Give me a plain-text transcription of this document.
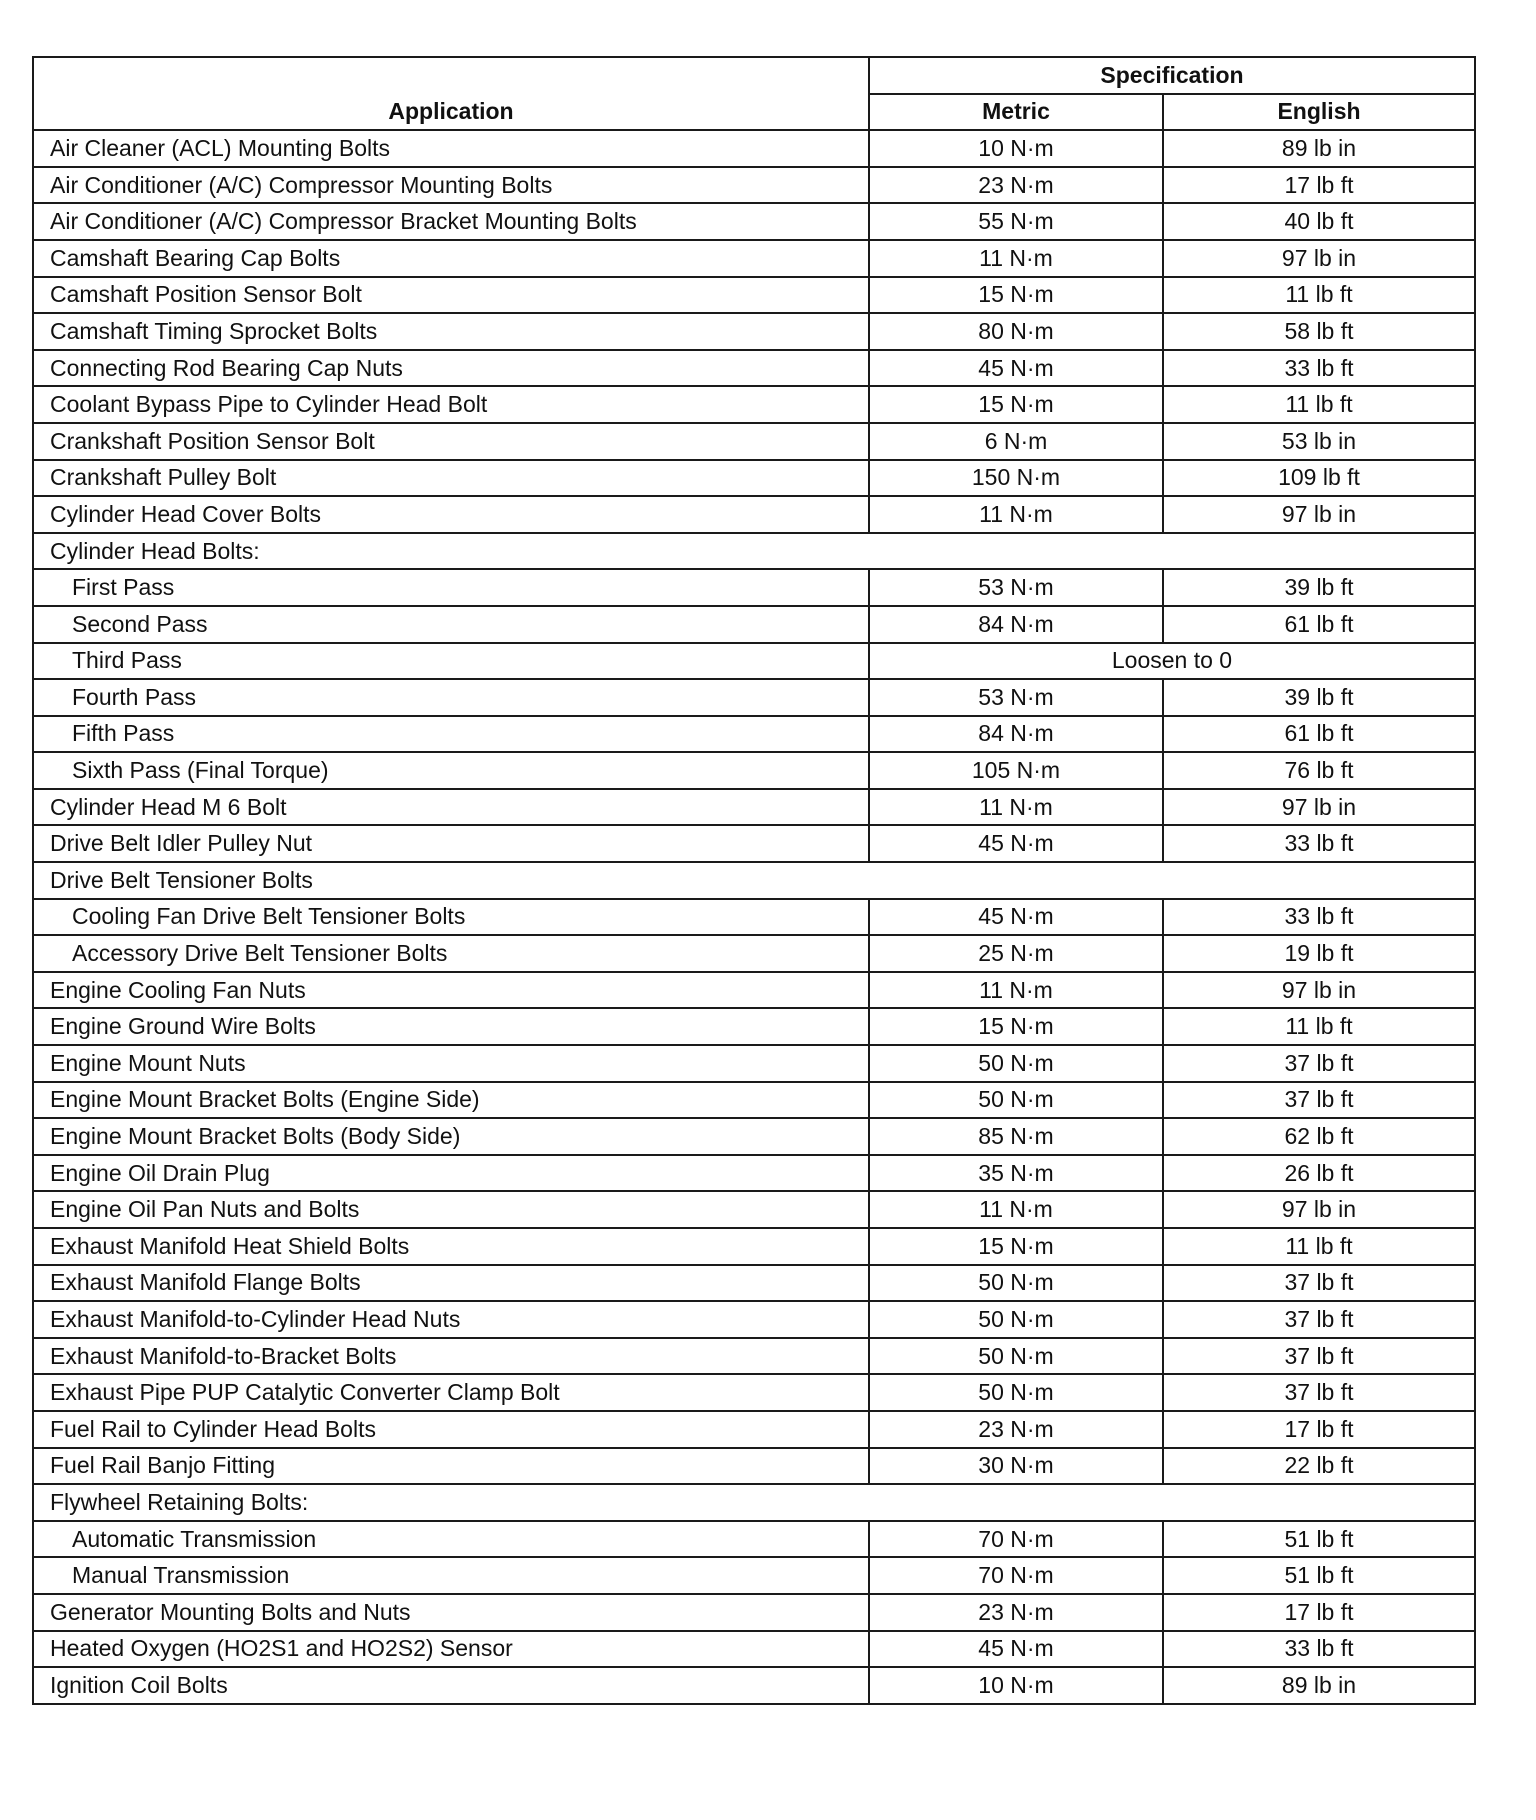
Application	Specification	
	Metric	English
Air Cleaner (ACL) Mounting Bolts	10 N·m	89 lb in
Air Conditioner (A/C) Compressor Mounting Bolts	23 N·m	17 lb ft
Air Conditioner (A/C) Compressor Bracket Mounting Bolts	55 N·m	40 lb ft
Camshaft Bearing Cap Bolts	11 N·m	97 lb in
Camshaft Position Sensor Bolt	15 N·m	11 lb ft
Camshaft Timing Sprocket Bolts	80 N·m	58 lb ft
Connecting Rod Bearing Cap Nuts	45 N·m	33 lb ft
Coolant Bypass Pipe to Cylinder Head Bolt	15 N·m	11 lb ft
Crankshaft Position Sensor Bolt	6 N·m	53 lb in
Crankshaft Pulley Bolt	150 N·m	109 lb ft
Cylinder Head Cover Bolts	11 N·m	97 lb in
Cylinder Head Bolts:		
First Pass	53 N·m	39 lb ft
Second Pass	84 N·m	61 lb ft
Third Pass	Loosen to 0	
Fourth Pass	53 N·m	39 lb ft
Fifth Pass	84 N·m	61 lb ft
Sixth Pass (Final Torque)	105 N·m	76 lb ft
Cylinder Head M 6 Bolt	11 N·m	97 lb in
Drive Belt Idler Pulley Nut	45 N·m	33 lb ft
Drive Belt Tensioner Bolts		
Cooling Fan Drive Belt Tensioner Bolts	45 N·m	33 lb ft
Accessory Drive Belt Tensioner Bolts	25 N·m	19 lb ft
Engine Cooling Fan Nuts	11 N·m	97 lb in
Engine Ground Wire Bolts	15 N·m	11 lb ft
Engine Mount Nuts	50 N·m	37 lb ft
Engine Mount Bracket Bolts (Engine Side)	50 N·m	37 lb ft
Engine Mount Bracket Bolts (Body Side)	85 N·m	62 lb ft
Engine Oil Drain Plug	35 N·m	26 lb ft
Engine Oil Pan Nuts and Bolts	11 N·m	97 lb in
Exhaust Manifold Heat Shield Bolts	15 N·m	11 lb ft
Exhaust Manifold Flange Bolts	50 N·m	37 lb ft
Exhaust Manifold-to-Cylinder Head Nuts	50 N·m	37 lb ft
Exhaust Manifold-to-Bracket Bolts	50 N·m	37 lb ft
Exhaust Pipe PUP Catalytic Converter Clamp Bolt	50 N·m	37 lb ft
Fuel Rail to Cylinder Head Bolts	23 N·m	17 lb ft
Fuel Rail Banjo Fitting	30 N·m	22 lb ft
Flywheel Retaining Bolts:		
Automatic Transmission	70 N·m	51 lb ft
Manual Transmission	70 N·m	51 lb ft
Generator Mounting Bolts and Nuts	23 N·m	17 lb ft
Heated Oxygen (HO2S1 and HO2S2) Sensor	45 N·m	33 lb ft
Ignition Coil Bolts	10 N·m	89 lb in
